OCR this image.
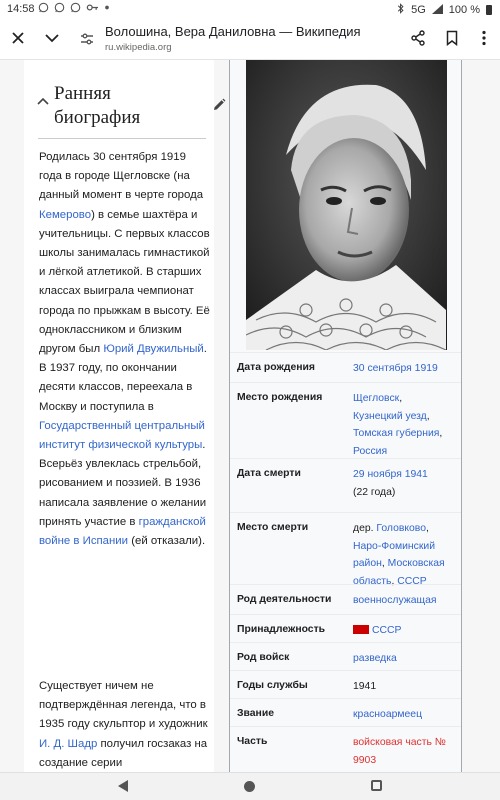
14:58	5G 100 %
Волошина, Вера Даниловна — Википедия
ru.wikipedia.org
Ранняя
биография
Родилась 30 сентября 1919 года в городе Щегловске (на данный момент в черте города Кемерово) в семье шахтёра и учительницы. С первых классов школы занималась гимнастикой и лёгкой атлетикой. В старших классах выиграла чемпионат города по прыжкам в высоту. Её одноклассником и близким другом был Юрий Двужильный. В 1937 году, по окончании десяти классов, переехала в Москву и поступила в Государственный центральный институт физической культуры. Всерьёз увлеклась стрельбой, рисованием и поэзией. В 1936 написала заявление о желании принять участие в гражданской войне в Испании (ей отказали).
Существует ничем не подтверждённая легенда, что в 1935 году скульптор и художник И. Д. Шадр получил госзаказ на создание серии
Дата рождения	30 сентября 1919
Место рождения	Щегловск,
Кузнецкий уезд,
Томская губерния,
Россия
Дата смерти	29 ноября 1941
(22 года)
Место смерти	дер. Головково,
Наро-Фоминский район, Московская область, СССР
Род деятельности	военнослужащая
Принадлежность	СССР
Род войск	разведка
Годы службы	1941
Звание	красноармеец
Часть	войсковая часть № 9903
